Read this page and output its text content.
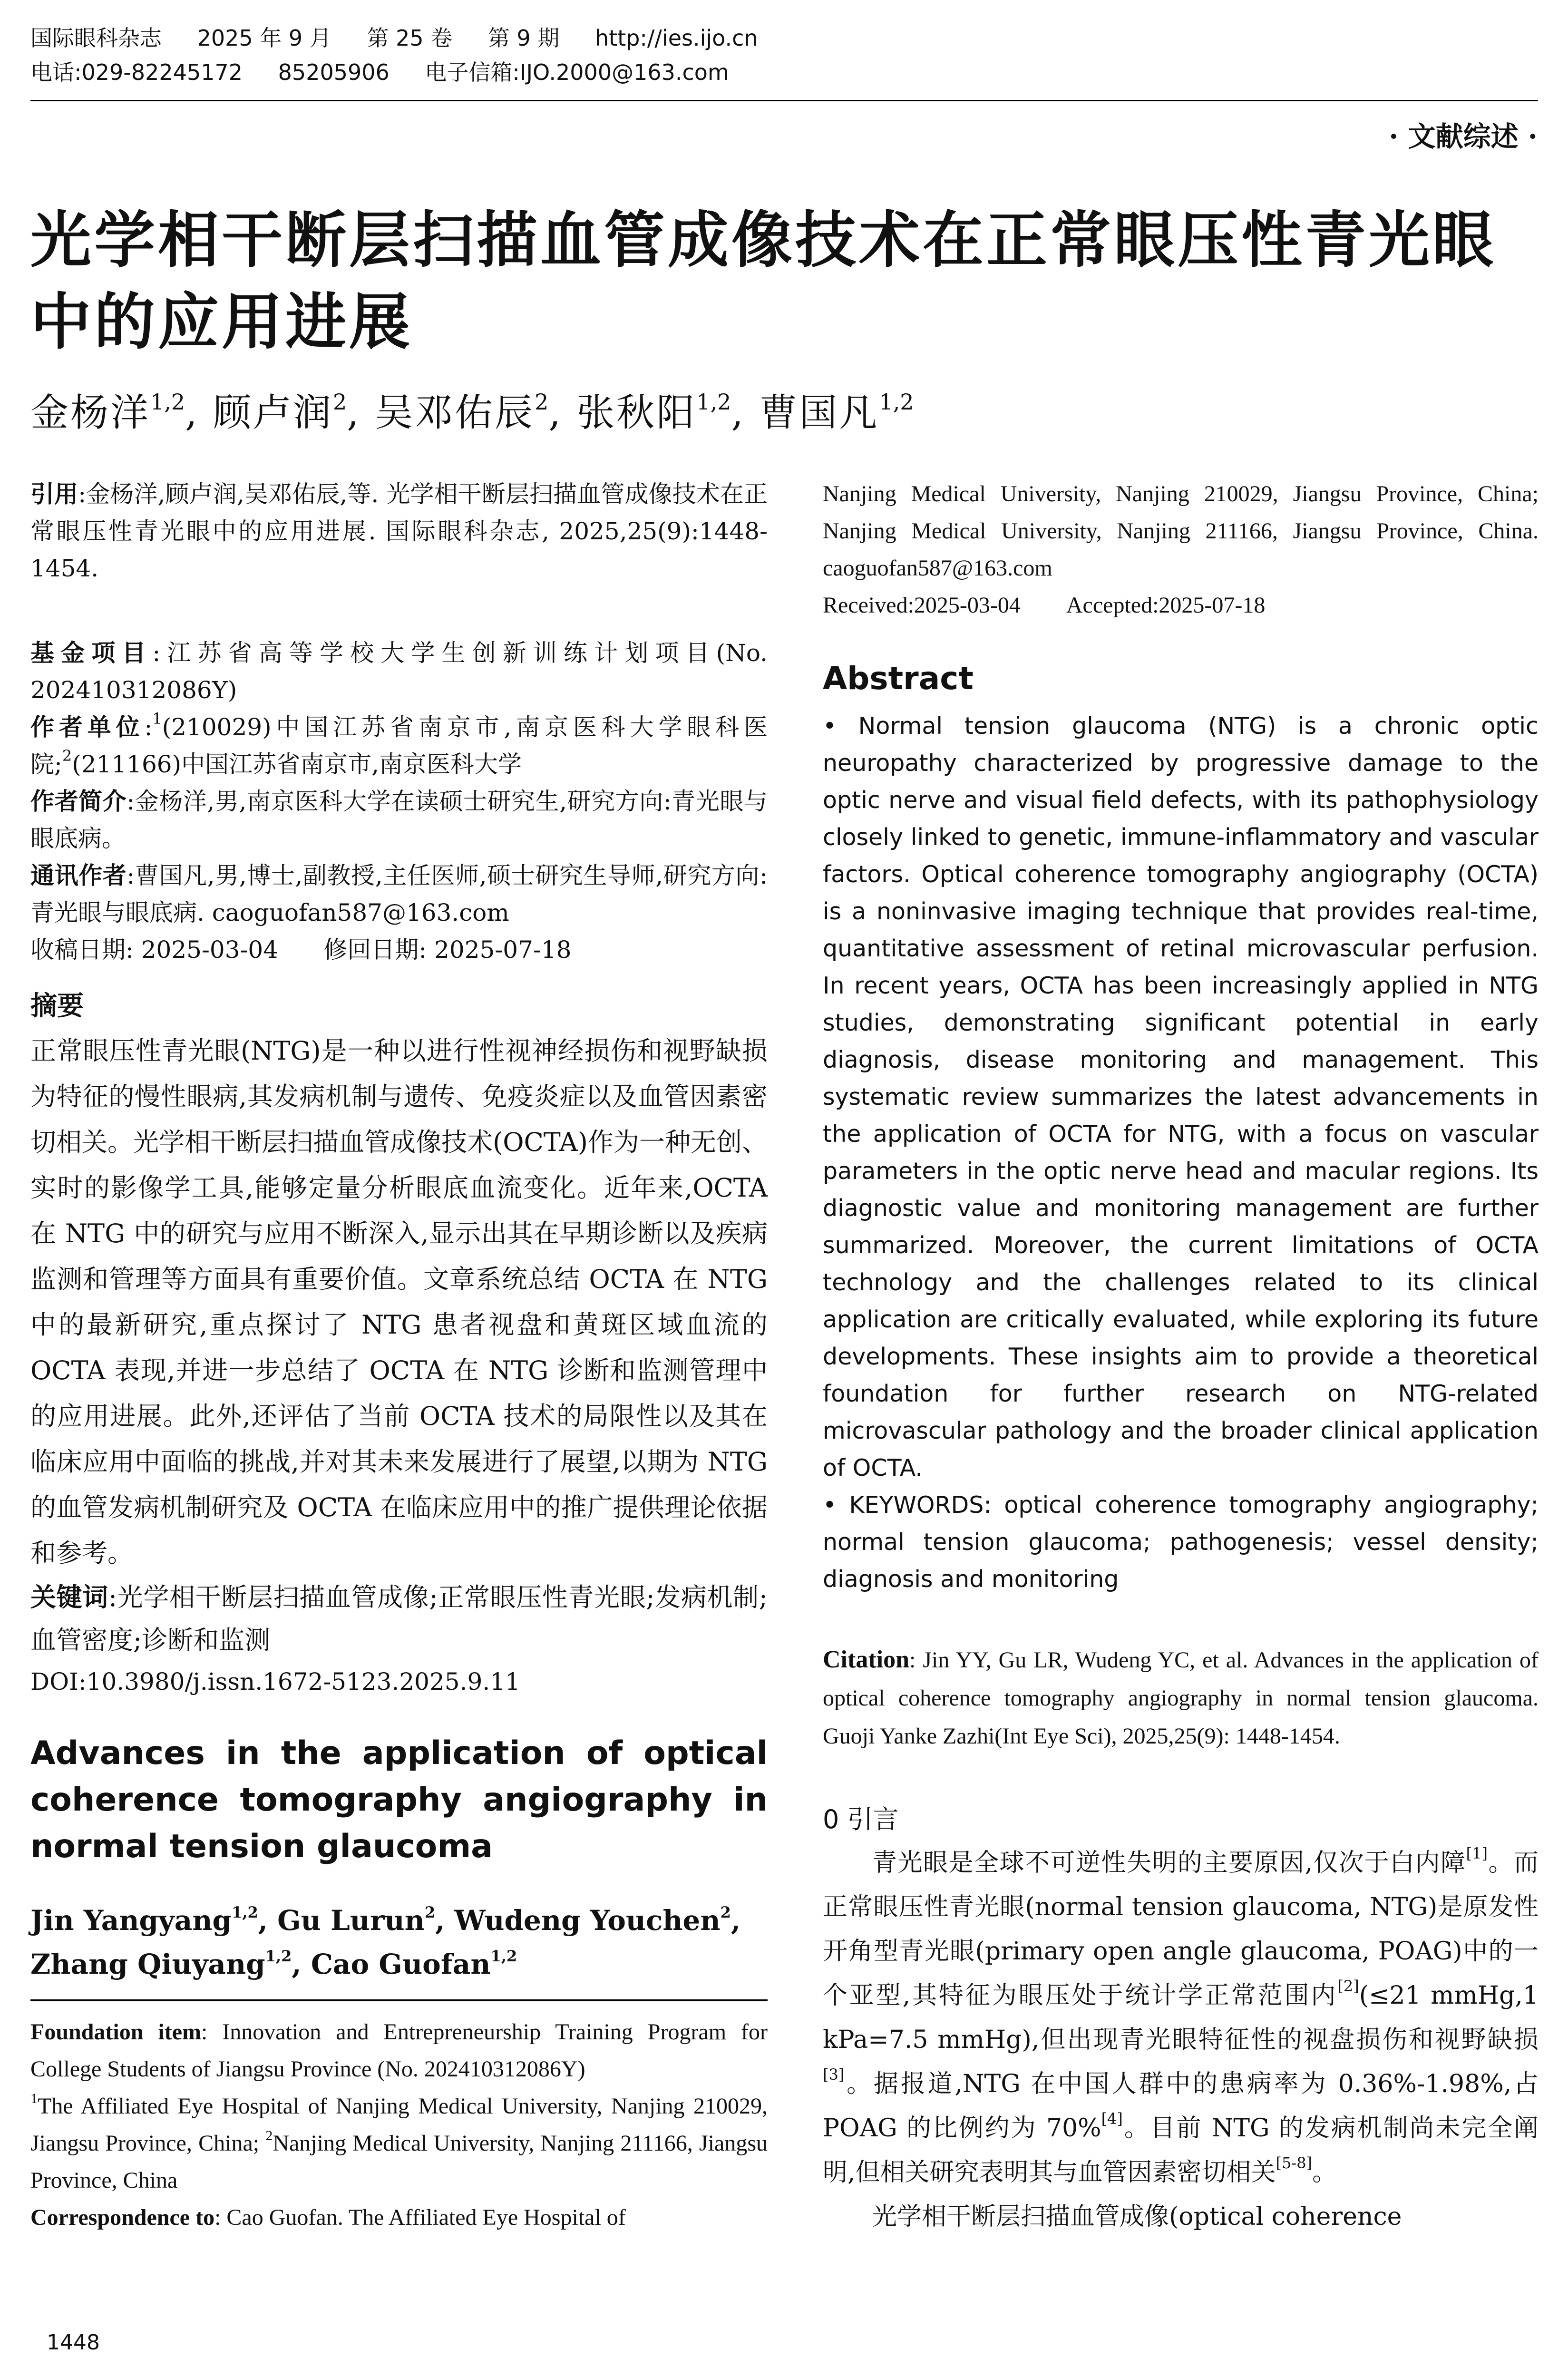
国际眼科杂志 2025 年 9 月 第 25 卷 第 9 期 http://ies.ijo.cn
电话:029-82245172 85205906 电子信箱:IJO.2000@163.com
· 文献综述 ·
光学相干断层扫描血管成像技术在正常眼压性青光眼中的应用进展
金杨洋$^{1,2}$, 顾卢润$^2$, 吴邓佑辰$^2$, 张秋阳$^{1,2}$, 曹国凡$^{1,2}$

引用:金杨洋,顾卢润,吴邓佑辰,等. 光学相干断层扫描血管成像技术在正常眼压性青光眼中的应用进展. 国际眼科杂志, 2025,25(9):1448-1454.

基金项目:江苏省高等学校大学生创新训练计划项目(No. 202410312086Y)

作者单位:$^1$(210029)中国江苏省南京市,南京医科大学眼科医院;$^2$(211166)中国江苏省南京市,南京医科大学

作者简介:金杨洋,男,南京医科大学在读硕士研究生,研究方向:青光眼与眼底病。

通讯作者:曹国凡,男,博士,副教授,主任医师,硕士研究生导师,研究方向:青光眼与眼底病. caoguofan587@163.com

收稿日期: 2025-03-04      修回日期: 2025-07-18

摘要

正常眼压性青光眼(NTG)是一种以进行性视神经损伤和视野缺损为特征的慢性眼病,其发病机制与遗传、免疫炎症以及血管因素密切相关。光学相干断层扫描血管成像技术(OCTA)作为一种无创、实时的影像学工具,能够定量分析眼底血流变化。近年来,OCTA 在 NTG 中的研究与应用不断深入,显示出其在早期诊断以及疾病监测和管理等方面具有重要价值。文章系统总结 OCTA 在 NTG 中的最新研究,重点探讨了 NTG 患者视盘和黄斑区域血流的 OCTA 表现,并进一步总结了 OCTA 在 NTG 诊断和监测管理中的应用进展。此外,还评估了当前 OCTA 技术的局限性以及其在临床应用中面临的挑战,并对其未来发展进行了展望,以期为 NTG 的血管发病机制研究及 OCTA 在临床应用中的推广提供理论依据和参考。

关键词:光学相干断层扫描血管成像;正常眼压性青光眼;发病机制;血管密度;诊断和监测

DOI:10.3980/j.issn.1672-5123.2025.9.11

Advances in the application of optical coherence tomography angiography in normal tension glaucoma

Jin Yangyang$^{1,2}$, Gu Lurun$^2$, Wudeng Youchen$^2$, Zhang Qiuyang$^{1,2}$, Cao Guofan$^{1,2}$

Foundation item: Innovation and Entrepreneurship Training Program for College Students of Jiangsu Province (No. 202410312086Y)

$^1$The Affiliated Eye Hospital of Nanjing Medical University, Nanjing 210029, Jiangsu Province, China; $^2$Nanjing Medical University, Nanjing 211166, Jiangsu Province, China

Correspondence to: Cao Guofan. The Affiliated Eye Hospital of

Nanjing Medical University, Nanjing 210029, Jiangsu Province, China; Nanjing Medical University, Nanjing 211166, Jiangsu Province, China. caoguofan587@163.com

Received:2025-03-04 Accepted:2025-07-18

Abstract

• Normal tension glaucoma (NTG) is a chronic optic neuropathy characterized by progressive damage to the optic nerve and visual field defects, with its pathophysiology closely linked to genetic, immune-inflammatory and vascular factors. Optical coherence tomography angiography (OCTA) is a noninvasive imaging technique that provides real-time, quantitative assessment of retinal microvascular perfusion. In recent years, OCTA has been increasingly applied in NTG studies, demonstrating significant potential in early diagnosis, disease monitoring and management. This systematic review summarizes the latest advancements in the application of OCTA for NTG, with a focus on vascular parameters in the optic nerve head and macular regions. Its diagnostic value and monitoring management are further summarized. Moreover, the current limitations of OCTA technology and the challenges related to its clinical application are critically evaluated, while exploring its future developments. These insights aim to provide a theoretical foundation for further research on NTG-related microvascular pathology and the broader clinical application of OCTA.

• KEYWORDS: optical coherence tomography angiography; normal tension glaucoma; pathogenesis; vessel density; diagnosis and monitoring

Citation: Jin YY, Gu LR, Wudeng YC, et al. Advances in the application of optical coherence tomography angiography in normal tension glaucoma. Guoji Yanke Zazhi(Int Eye Sci), 2025,25(9): 1448-1454.

0 引言

青光眼是全球不可逆性失明的主要原因,仅次于白内障[1]。而正常眼压性青光眼(normal tension glaucoma, NTG)是原发性开角型青光眼(primary open angle glaucoma, POAG)中的一个亚型,其特征为眼压处于统计学正常范围内[2](≤21 mmHg,1 kPa=7.5 mmHg),但出现青光眼特征性的视盘损伤和视野缺损[3]。据报道,NTG 在中国人群中的患病率为 0.36%-1.98%,占 POAG 的比例约为 70%[4]。目前 NTG 的发病机制尚未完全阐明,但相关研究表明其与血管因素密切相关[5-8]。

光学相干断层扫描血管成像(optical coherence

1448
